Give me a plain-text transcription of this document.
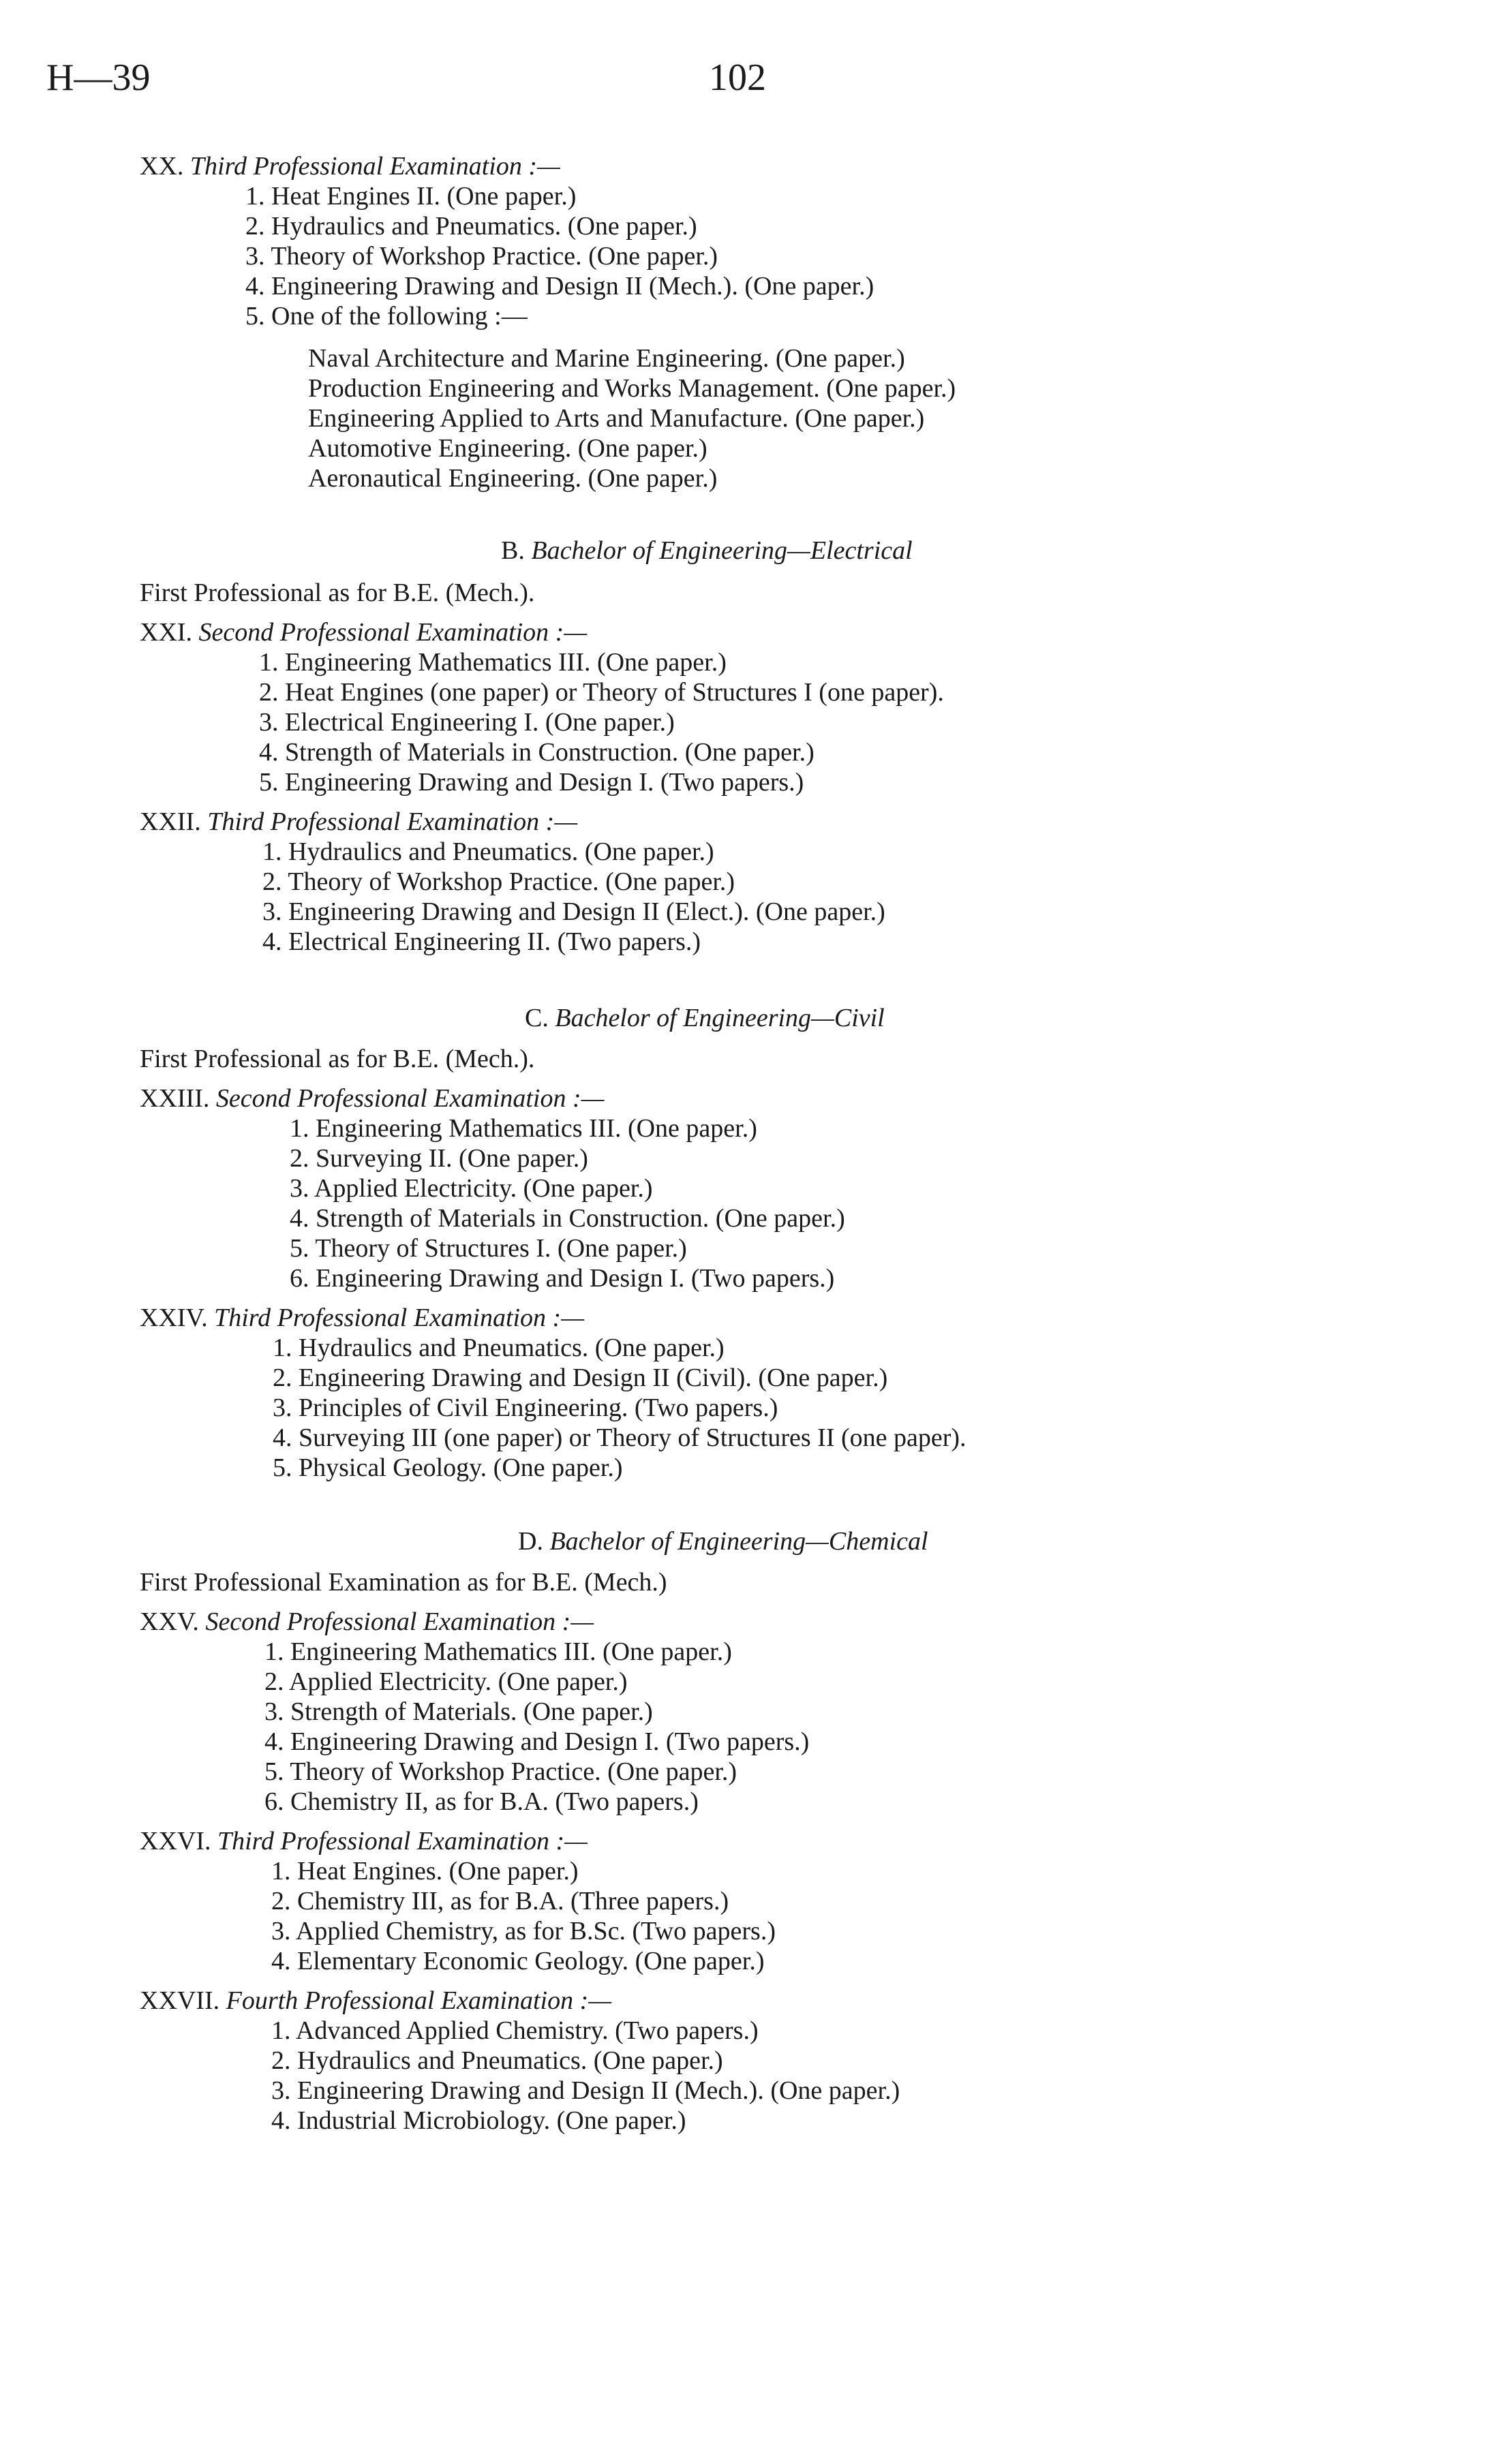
H—39	102
XX. Third Professional Examination :—
1. Heat Engines II. (One paper.)
2. Hydraulics and Pneumatics. (One paper.)
3. Theory of Workshop Practice. (One paper.)
4. Engineering Drawing and Design II (Mech.). (One paper.)
5. One of the following :—
Naval Architecture and Marine Engineering. (One paper.)
Production Engineering and Works Management. (One paper.)
Engineering Applied to Arts and Manufacture. (One paper.)
Automotive Engineering. (One paper.)
Aeronautical Engineering. (One paper.)
B. Bachelor of Engineering—Electrical
First Professional as for B.E. (Mech.).
XXI. Second Professional Examination :—
1. Engineering Mathematics III. (One paper.)
2. Heat Engines (one paper) or Theory of Structures I (one paper).
3. Electrical Engineering I. (One paper.)
4. Strength of Materials in Construction. (One paper.)
5. Engineering Drawing and Design I. (Two papers.)
XXII. Third Professional Examination :—
1. Hydraulics and Pneumatics. (One paper.)
2. Theory of Workshop Practice. (One paper.)
3. Engineering Drawing and Design II (Elect.). (One paper.)
4. Electrical Engineering II. (Two papers.)
C. Bachelor of Engineering—Civil
First Professional as for B.E. (Mech.).
XXIII. Second Professional Examination :—
1. Engineering Mathematics III. (One paper.)
2. Surveying II. (One paper.)
3. Applied Electricity. (One paper.)
4. Strength of Materials in Construction. (One paper.)
5. Theory of Structures I. (One paper.)
6. Engineering Drawing and Design I. (Two papers.)
XXIV. Third Professional Examination :—
1. Hydraulics and Pneumatics. (One paper.)
2. Engineering Drawing and Design II (Civil). (One paper.)
3. Principles of Civil Engineering. (Two papers.)
4. Surveying III (one paper) or Theory of Structures II (one paper).
5. Physical Geology. (One paper.)
D. Bachelor of Engineering—Chemical
First Professional Examination as for B.E. (Mech.)
XXV. Second Professional Examination :—
1. Engineering Mathematics III. (One paper.)
2. Applied Electricity. (One paper.)
3. Strength of Materials. (One paper.)
4. Engineering Drawing and Design I. (Two papers.)
5. Theory of Workshop Practice. (One paper.)
6. Chemistry II, as for B.A. (Two papers.)
XXVI. Third Professional Examination :—
1. Heat Engines. (One paper.)
2. Chemistry III, as for B.A. (Three papers.)
3. Applied Chemistry, as for B.Sc. (Two papers.)
4. Elementary Economic Geology. (One paper.)
XXVII. Fourth Professional Examination :—
1. Advanced Applied Chemistry. (Two papers.)
2. Hydraulics and Pneumatics. (One paper.)
3. Engineering Drawing and Design II (Mech.). (One paper.)
4. Industrial Microbiology. (One paper.)
